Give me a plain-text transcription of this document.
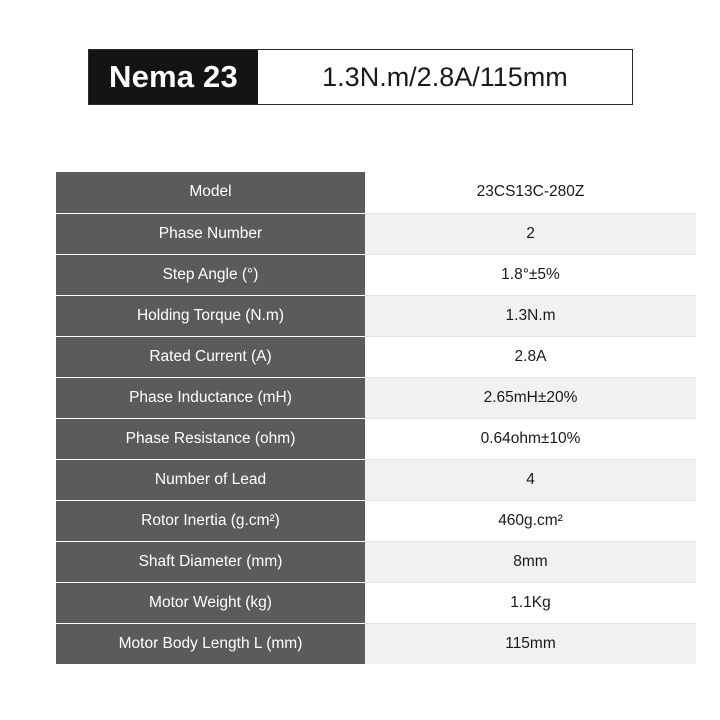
Nema 23	1.3N.m/2.8A/115mm
Model	23CS13C-280Z
Phase Number	2
Step Angle (°)	1.8°±5%
Holding Torque (N.m)	1.3N.m
Rated Current (A)	2.8A
Phase Inductance (mH)	2.65mH±20%
Phase Resistance (ohm)	0.64ohm±10%
Number of Lead	4
Rotor Inertia (g.cm²)	460g.cm²
Shaft Diameter (mm)	8mm
Motor Weight (kg)	1.1Kg
Motor Body Length L (mm)	115mm
